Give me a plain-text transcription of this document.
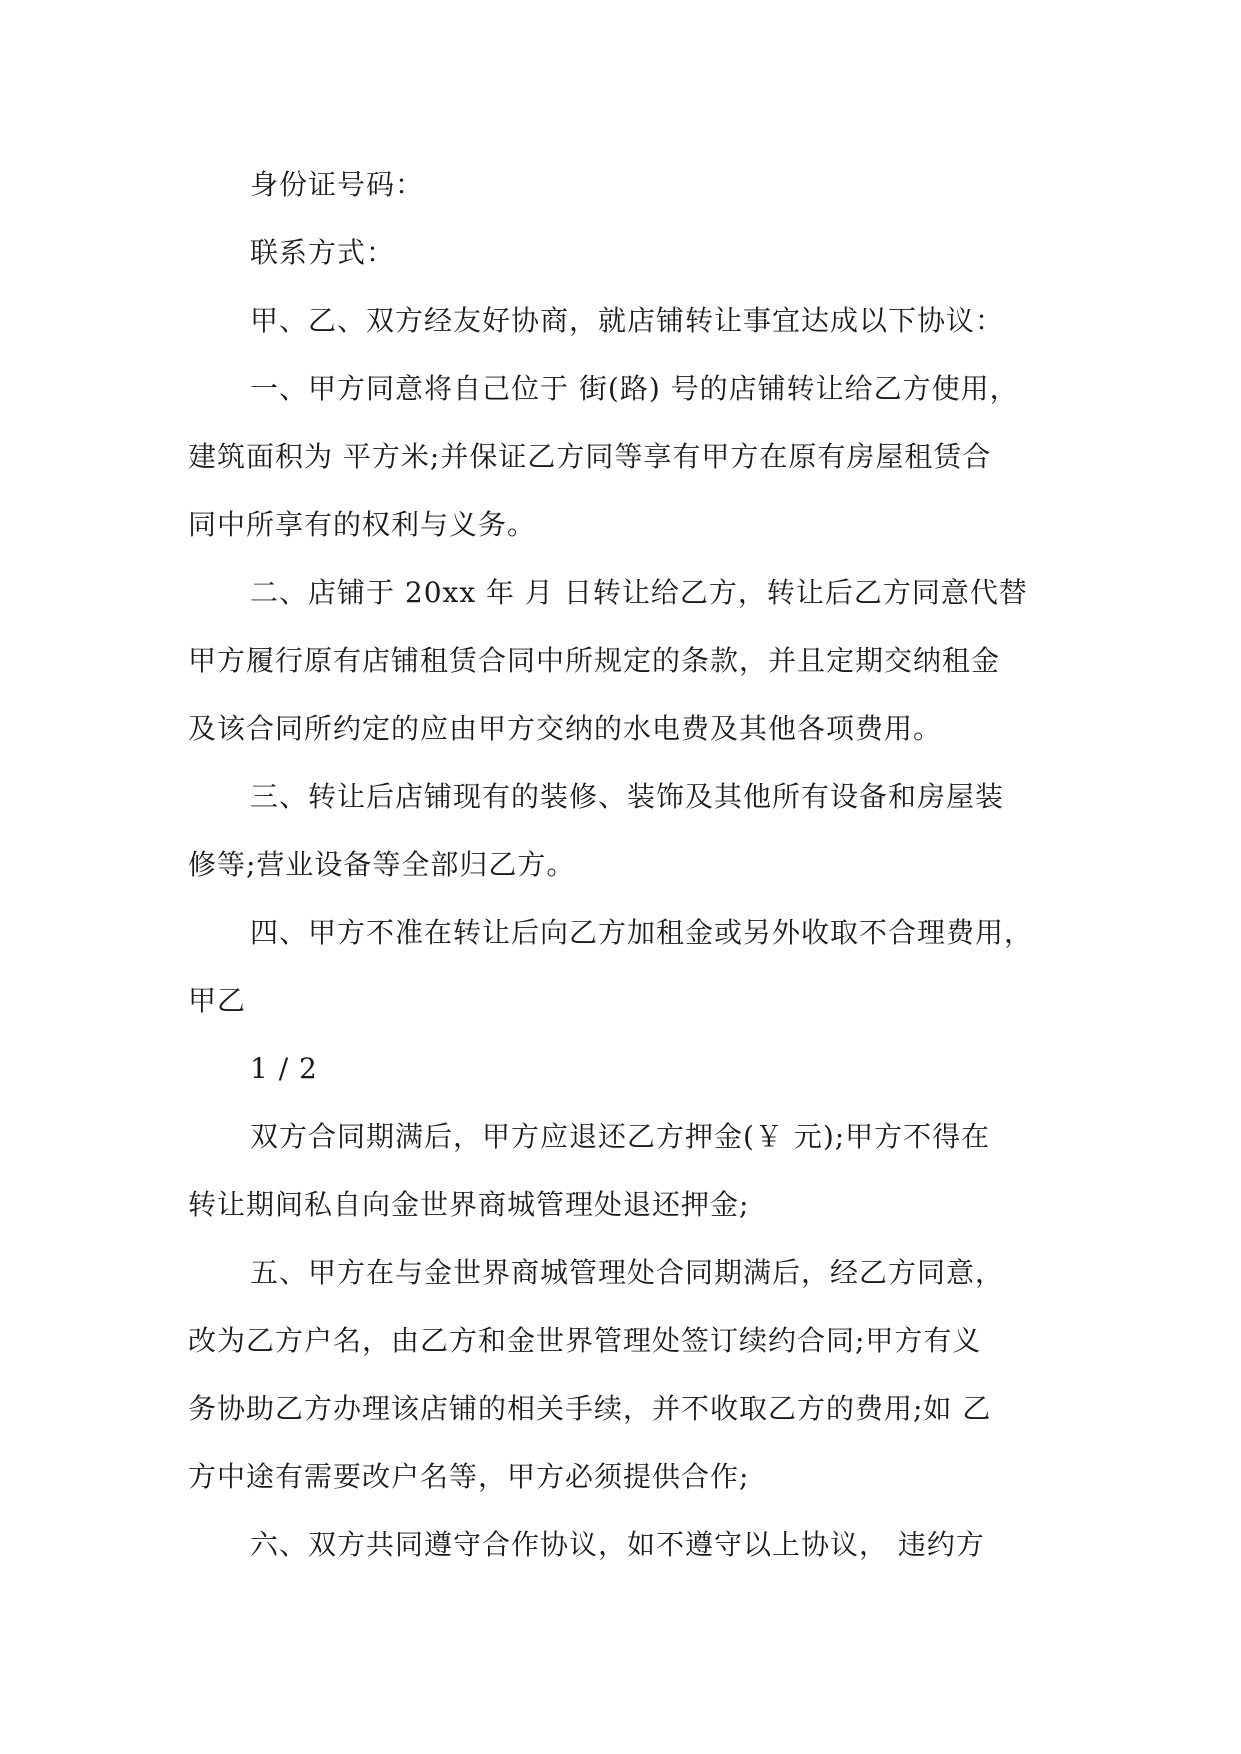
身份证号码：
联系方式：
甲、乙、双方经友好协商，就店铺转让事宜达成以下协议：
一、甲方同意将自己位于 街(路) 号的店铺转让给乙方使用，
建筑面积为 平方米;并保证乙方同等享有甲方在原有房屋租赁合
同中所享有的权利与义务。
二、店铺于 20xx 年 月 日转让给乙方，转让后乙方同意代替
甲方履行原有店铺租赁合同中所规定的条款，并且定期交纳租金
及该合同所约定的应由甲方交纳的水电费及其他各项费用。
三、转让后店铺现有的装修、装饰及其他所有设备和房屋装
修等;营业设备等全部归乙方。
四、甲方不准在转让后向乙方加租金或另外收取不合理费用，
甲乙
1 / 2
双方合同期满后，甲方应退还乙方押金(￥ 元);甲方不得在
转让期间私自向金世界商城管理处退还押金;
五、甲方在与金世界商城管理处合同期满后，经乙方同意，
改为乙方户名，由乙方和金世界管理处签订续约合同;甲方有义
务协助乙方办理该店铺的相关手续，并不收取乙方的费用;如 乙
方中途有需要改户名等，甲方必须提供合作;
六、双方共同遵守合作协议，如不遵守以上协议， 违约方
